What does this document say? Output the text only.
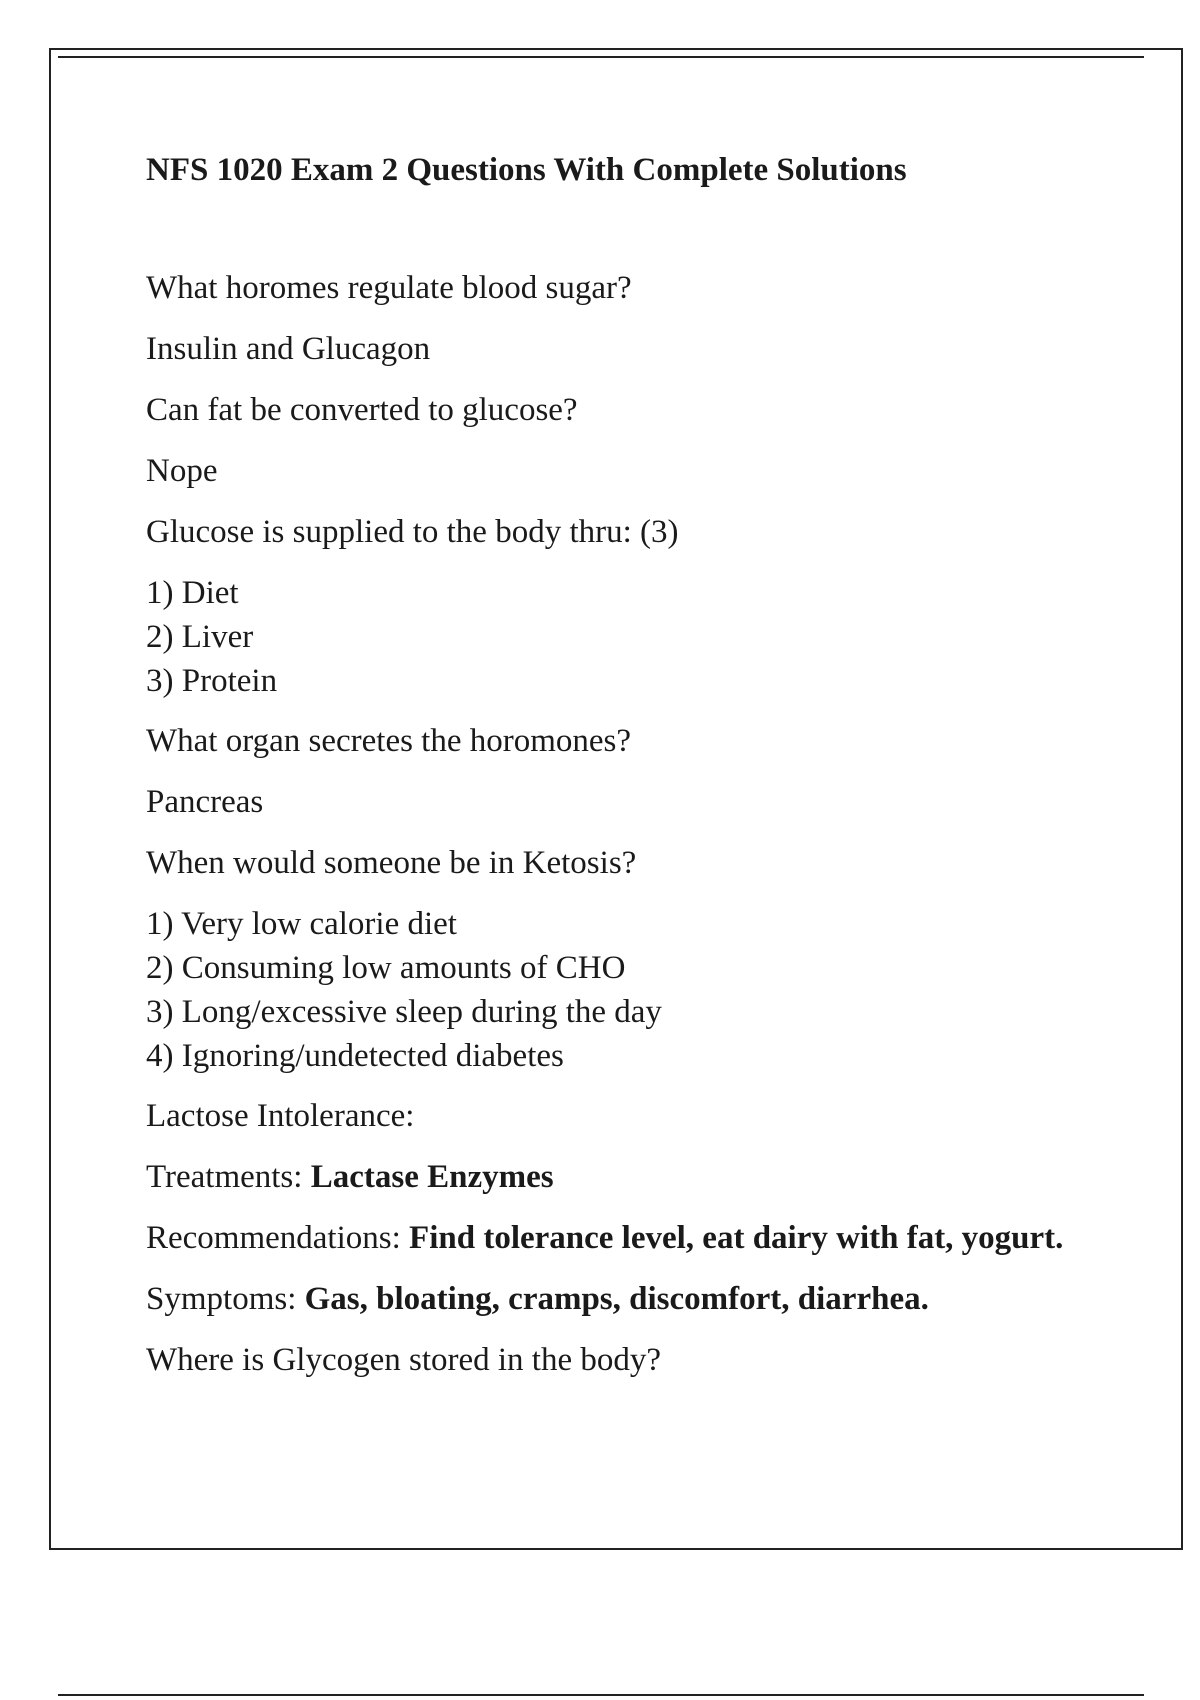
NFS 1020 Exam 2 Questions With Complete Solutions

What horomes regulate blood sugar?

Insulin and Glucagon

Can fat be converted to glucose?

Nope

Glucose is supplied to the body thru: (3)

1) Diet

2) Liver

3) Protein

What organ secretes the horomones?

Pancreas

When would someone be in Ketosis?

1) Very low calorie diet

2) Consuming low amounts of CHO

3) Long/excessive sleep during the day

4) Ignoring/undetected diabetes

Lactose Intolerance:

Treatments: Lactase Enzymes

Recommendations: Find tolerance level, eat dairy with fat, yogurt.

Symptoms: Gas, bloating, cramps, discomfort, diarrhea.

Where is Glycogen stored in the body?
